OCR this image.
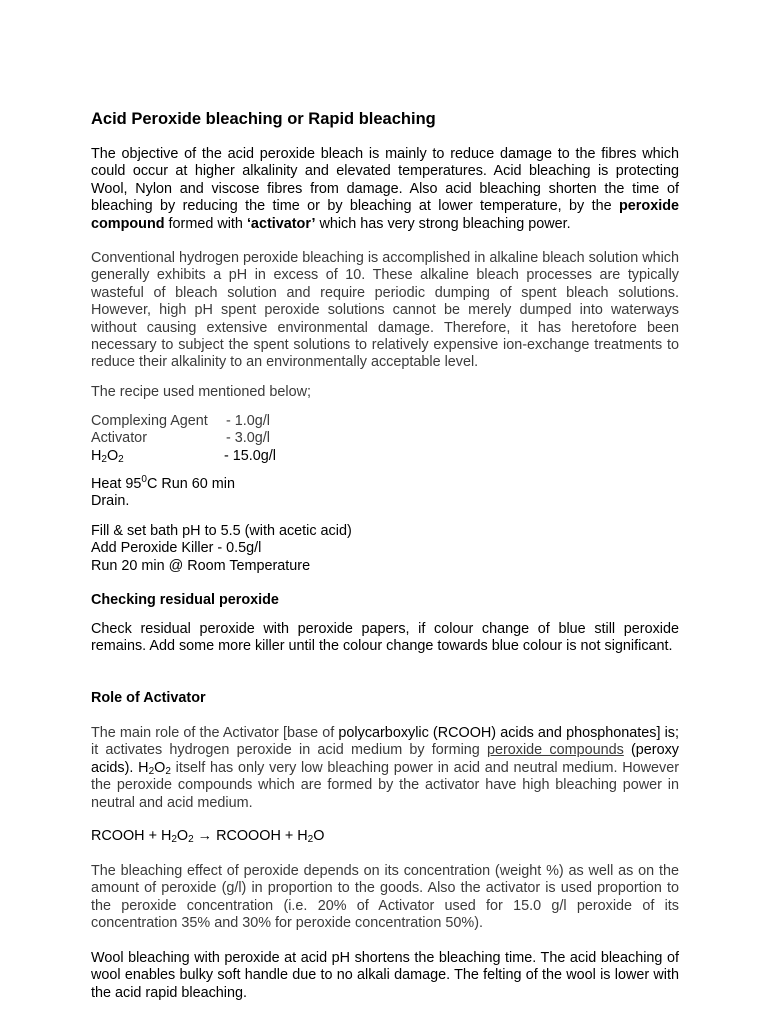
Acid Peroxide bleaching or Rapid bleaching
The objective of the acid peroxide bleach is mainly to reduce damage to the fibres which could occur at higher alkalinity and elevated temperatures. Acid bleaching is protecting Wool, Nylon and viscose fibres from damage. Also acid bleaching shorten the time of bleaching by reducing the time or by bleaching at lower temperature, by the peroxide compound formed with ‘activator’ which has very strong bleaching power.
Conventional hydrogen peroxide bleaching is accomplished in alkaline bleach solution which generally exhibits a pH in excess of 10. These alkaline bleach processes are typically wasteful of bleach solution and require periodic dumping of spent bleach solutions. However, high pH spent peroxide solutions cannot be merely dumped into waterways without causing extensive environmental damage. Therefore, it has heretofore been necessary to subject the spent solutions to relatively expensive ion-exchange treatments to reduce their alkalinity to an environmentally acceptable level.
The recipe used mentioned below;
Complexing Agent - 1.0g/l
Activator	- 3.0g/l
$H_2O_2$	- 15.0g/l
Heat $95^0C$ Run 60 min
Drain.
Fill & set bath pH to 5.5 (with acetic acid)
Add Peroxide Killer - 0.5g/l
Run 20 min @ Room Temperature
Checking residual peroxide
Check residual peroxide with peroxide papers, if colour change of blue still peroxide remains. Add some more killer until the colour change towards blue colour is not significant.
Role of Activator
The main role of the Activator [base of polycarboxylic (RCOOH) acids and phosphonates] is; it activates hydrogen peroxide in acid medium by forming peroxide compounds (peroxy acids). $H_2O_2$ itself has only very low bleaching power in acid and neutral medium. However the peroxide compounds which are formed by the activator have high bleaching power in neutral and acid medium.
RCOOH + $H_2O_2$ → RCOOOH + $H_2O$
The bleaching effect of peroxide depends on its concentration (weight %) as well as on the amount of peroxide (g/l) in proportion to the goods. Also the activator is used proportion to the peroxide concentration (i.e. 20% of Activator used for 15.0 g/l peroxide of its concentration 35% and 30% for peroxide concentration 50%).
Wool bleaching with peroxide at acid pH shortens the bleaching time. The acid bleaching of wool enables bulky soft handle due to no alkali damage. The felting of the wool is lower with the acid rapid bleaching.
